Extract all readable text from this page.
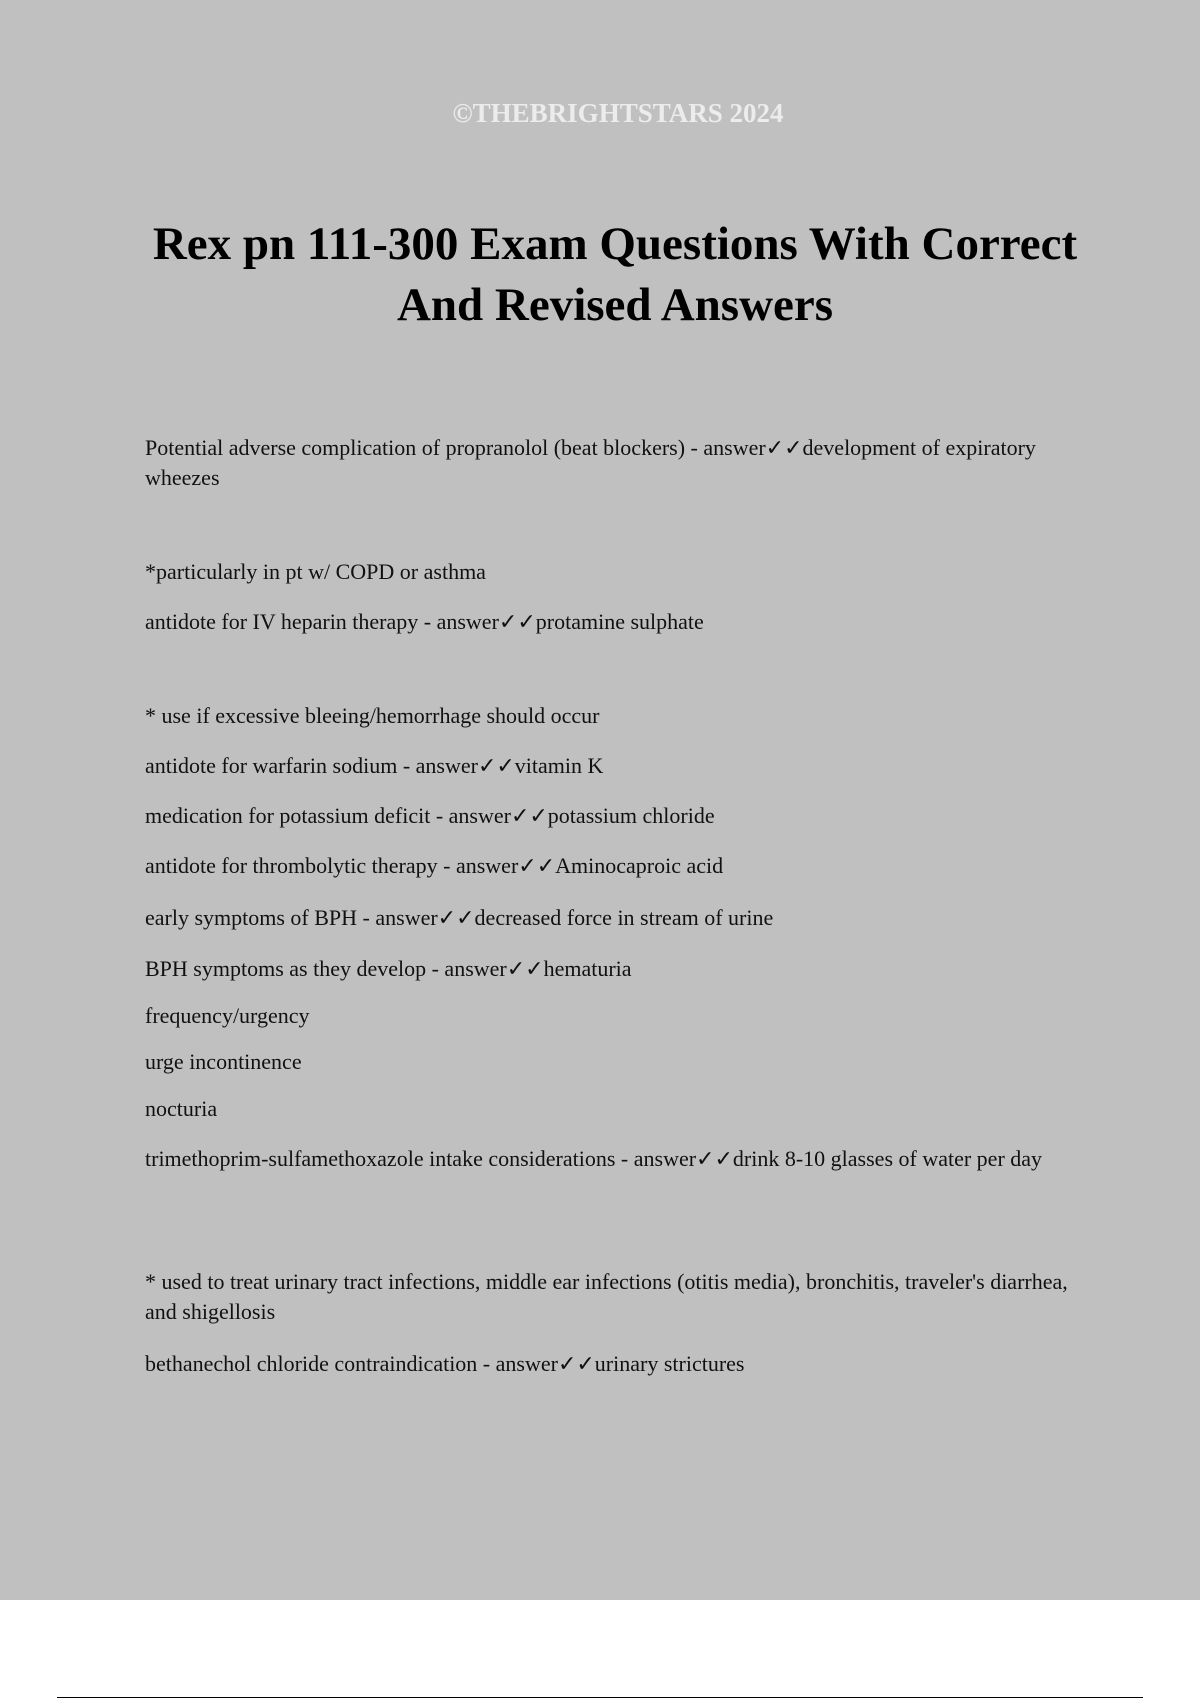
©THEBRIGHTSTARS 2024
Rex pn 111-300 Exam Questions With Correct And Revised Answers

Potential adverse complication of propranolol (beat blockers) - answer✓✓development of expiratory wheezes

*particularly in pt w/ COPD or asthma

antidote for IV heparin therapy - answer✓✓protamine sulphate

* use if excessive bleeing/hemorrhage should occur

antidote for warfarin sodium - answer✓✓vitamin K

medication for potassium deficit - answer✓✓potassium chloride

antidote for thrombolytic therapy - answer✓✓Aminocaproic acid

early symptoms of BPH - answer✓✓decreased force in stream of urine

BPH symptoms as they develop - answer✓✓hematuria

frequency/urgency

urge incontinence

nocturia

trimethoprim-sulfamethoxazole intake considerations - answer✓✓drink 8-10 glasses of water per day

* used to treat urinary tract infections, middle ear infections (otitis media), bronchitis, traveler's diarrhea, and shigellosis

bethanechol chloride contraindication - answer✓✓urinary strictures
